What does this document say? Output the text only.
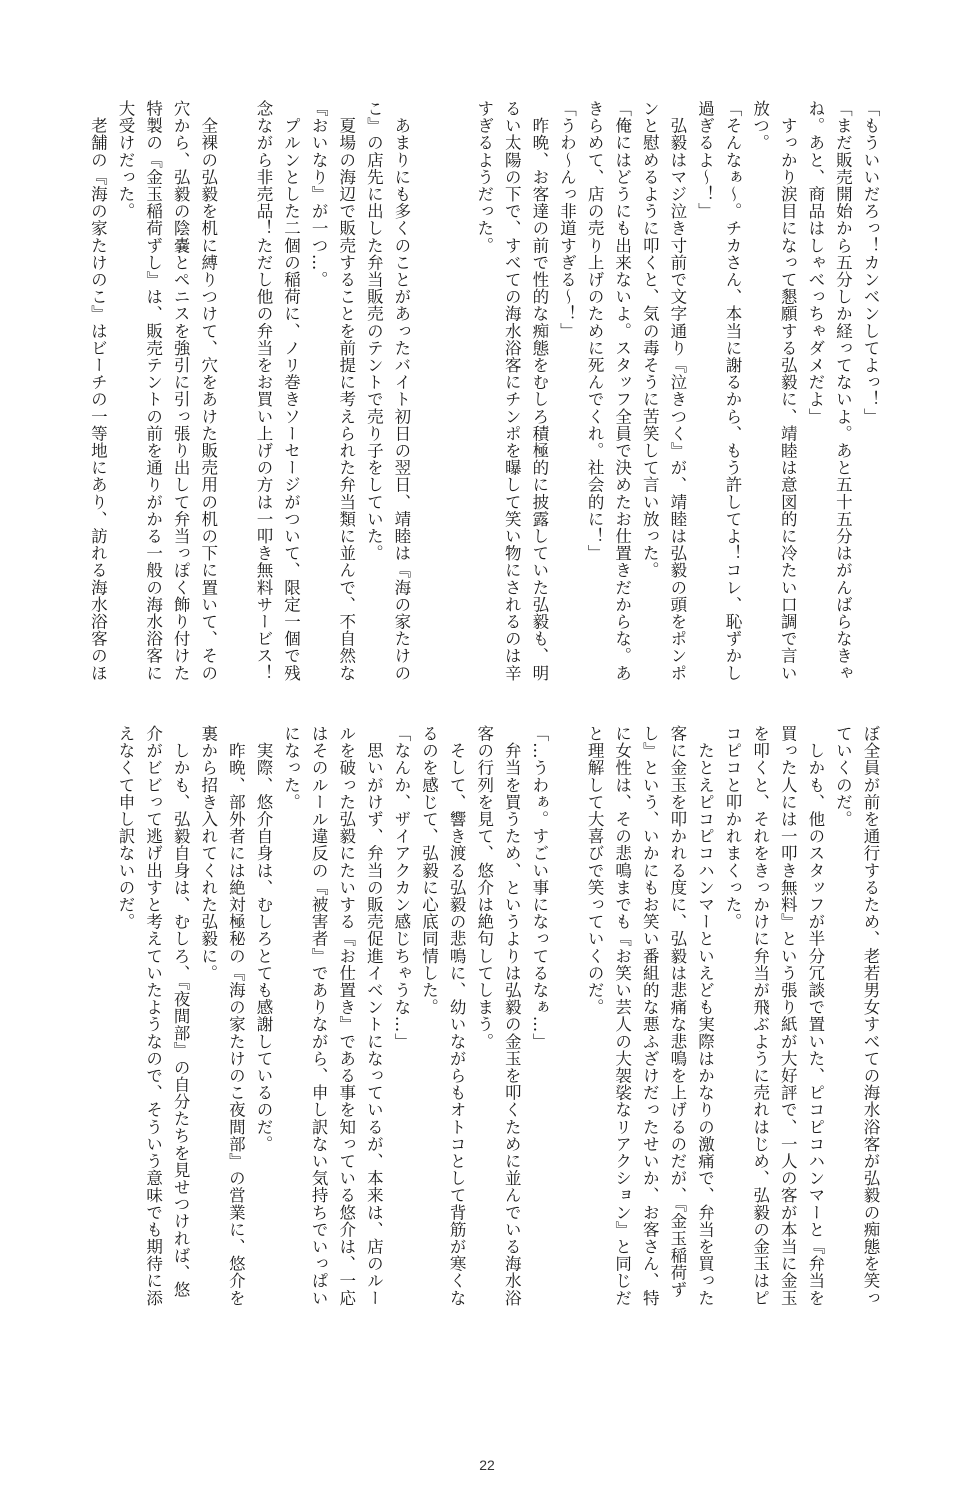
「もういいだろっ！カンベンしてよっ！」
「まだ販売開始から五分しか経ってないよ。あと五十五分はがんばらなきゃ
ね。あと、商品はしゃべっちゃダメだよ」
　すっかり涙目になって懇願する弘毅に、靖睦は意図的に冷たい口調で言い
放つ。
「そんなぁ〜。チカさん、本当に謝るから、もう許してよ！コレ、恥ずかし
過ぎるよ〜！」
　弘毅はマジ泣き寸前で文字通り『泣きつく』が、靖睦は弘毅の頭をポンポ
ンと慰めるように叩くと、気の毒そうに苦笑して言い放った。
「俺にはどうにも出来ないよ。スタッフ全員で決めたお仕置きだからな。あ
きらめて、店の売り上げのために死んでくれ。社会的に！」
「うわ〜んっ非道すぎる〜！」
　昨晩、お客達の前で性的な痴態をむしろ積極的に披露していた弘毅も、明
るい太陽の下で、すべての海水浴客にチンポを曝して笑い物にされるのは辛
すぎるようだった。
　あまりにも多くのことがあったバイト初日の翌日、靖睦は『海の家たけの
こ』の店先に出した弁当販売のテントで売り子をしていた。
　夏場の海辺で販売することを前提に考えられた弁当類に並んで、不自然な
『おいなり』が一つ…。
　プルンとした二個の稲荷に、ノリ巻きソーセージがついて、限定一個で残
念ながら非売品！ただし他の弁当をお買い上げの方は一叩き無料サービス！
　全裸の弘毅を机に縛りつけて、穴をあけた販売用の机の下に置いて、その
穴から、弘毅の陰嚢とペニスを強引に引っ張り出して弁当っぽく飾り付けた
特製の『金玉稲荷ずし』は、販売テントの前を通りがかる一般の海水浴客に
大受けだった。
　老舗の『海の家たけのこ』はビーチの一等地にあり、訪れる海水浴客のほ
ぼ全員が前を通行するため、老若男女すべての海水浴客が弘毅の痴態を笑っ
ていくのだ。
　しかも、他のスタッフが半分冗談で置いた、ピコピコハンマーと『弁当を
買った人には一叩き無料』という張り紙が大好評で、一人の客が本当に金玉
を叩くと、それをきっかけに弁当が飛ぶように売れはじめ、弘毅の金玉はピ
コピコと叩かれまくった。
　たとえピコピコハンマーといえども実際はかなりの激痛で、弁当を買った
客に金玉を叩かれる度に、弘毅は悲痛な悲鳴を上げるのだが、『金玉稲荷ず
し』という、いかにもお笑い番組的な悪ふざけだったせいか、お客さん、特
に女性は、その悲鳴までも『お笑い芸人の大袈裟なリアクション』と同じだ
と理解して大喜びで笑っていくのだ。
「…うわぁ。すごい事になってるなぁ…」
　弁当を買うため、というよりは弘毅の金玉を叩くために並んでいる海水浴
客の行列を見て、悠介は絶句してしまう。
　そして、響き渡る弘毅の悲鳴に、幼いながらもオトコとして背筋が寒くな
るのを感じて、弘毅に心底同情した。
「なんか、ザイアクカン感じちゃうな…」
　思いがけず、弁当の販売促進イベントになっているが、本来は、店のルー
ルを破った弘毅にたいする『お仕置き』である事を知っている悠介は、一応
はそのルール違反の『被害者』でありながら、申し訳ない気持ちでいっぱい
になった。
　実際、悠介自身は、むしろとても感謝しているのだ。
　昨晩、部外者には絶対極秘の『海の家たけのこ夜間部』の営業に、悠介を
裏から招き入れてくれた弘毅に。
　しかも、弘毅自身は、むしろ、『夜間部』の自分たちを見せつければ、悠
介がビビって逃げ出すと考えていたようなので、そういう意味でも期待に添
えなくて申し訳ないのだ。
22
